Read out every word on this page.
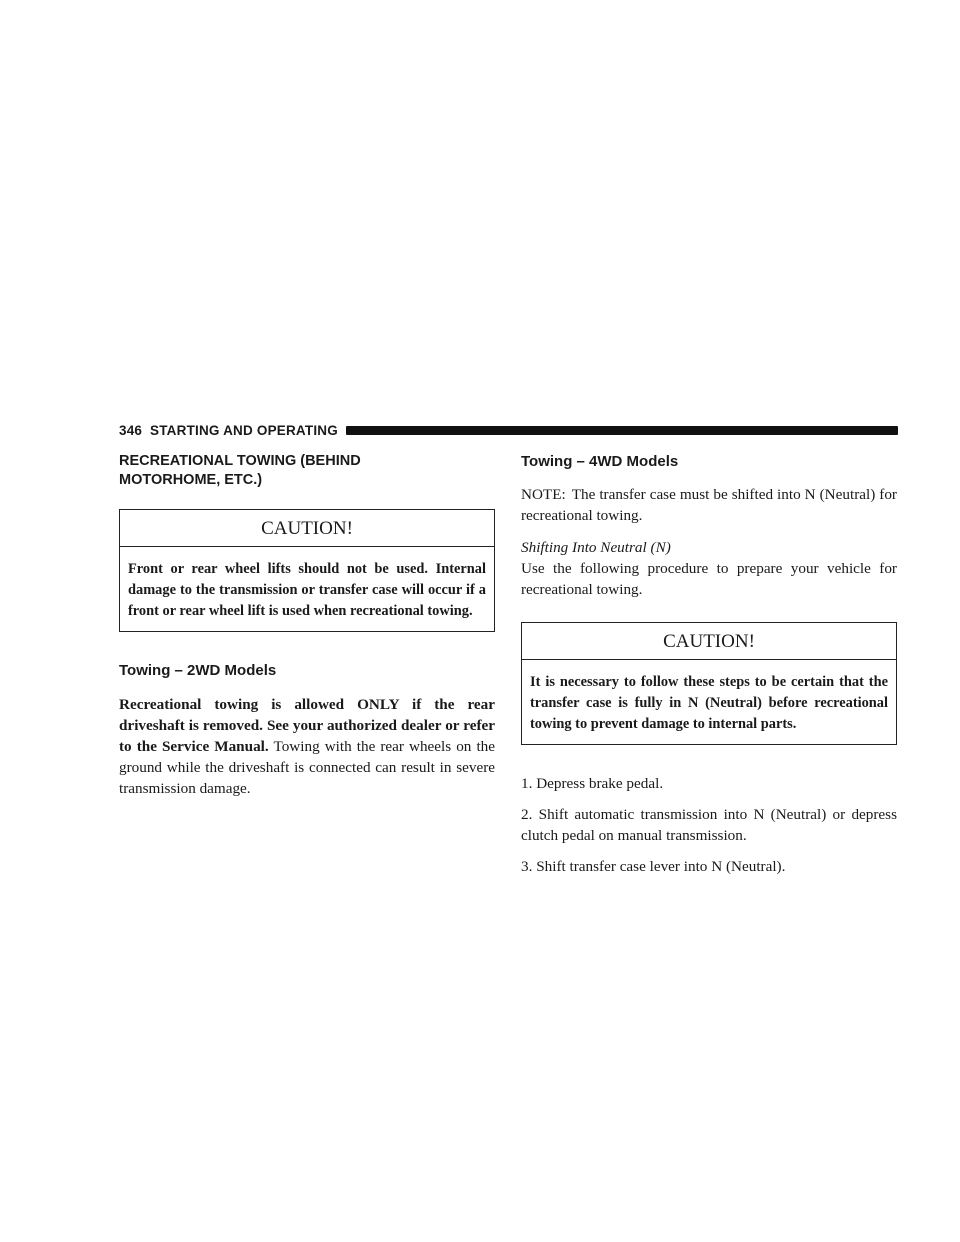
346 STARTING AND OPERATING
RECREATIONAL TOWING (BEHIND
MOTORHOME, ETC.)
CAUTION!
Front or rear wheel lifts should not be used. Internal damage to the transmission or transfer case will occur if a front or rear wheel lift is used when recreational towing.
Towing – 2WD Models

Recreational towing is allowed ONLY if the rear driveshaft is removed. See your authorized dealer or refer to the Service Manual. Towing with the rear wheels on the ground while the driveshaft is connected can result in severe transmission damage.

Towing – 4WD Models

NOTE: The transfer case must be shifted into N (Neutral) for recreational towing.

Shifting Into Neutral (N)

Use the following procedure to prepare your vehicle for recreational towing.

CAUTION!
It is necessary to follow these steps to be certain that the transfer case is fully in N (Neutral) before recreational towing to prevent damage to internal parts.

1. Depress brake pedal.

2. Shift automatic transmission into N (Neutral) or depress clutch pedal on manual transmission.

3. Shift transfer case lever into N (Neutral).
